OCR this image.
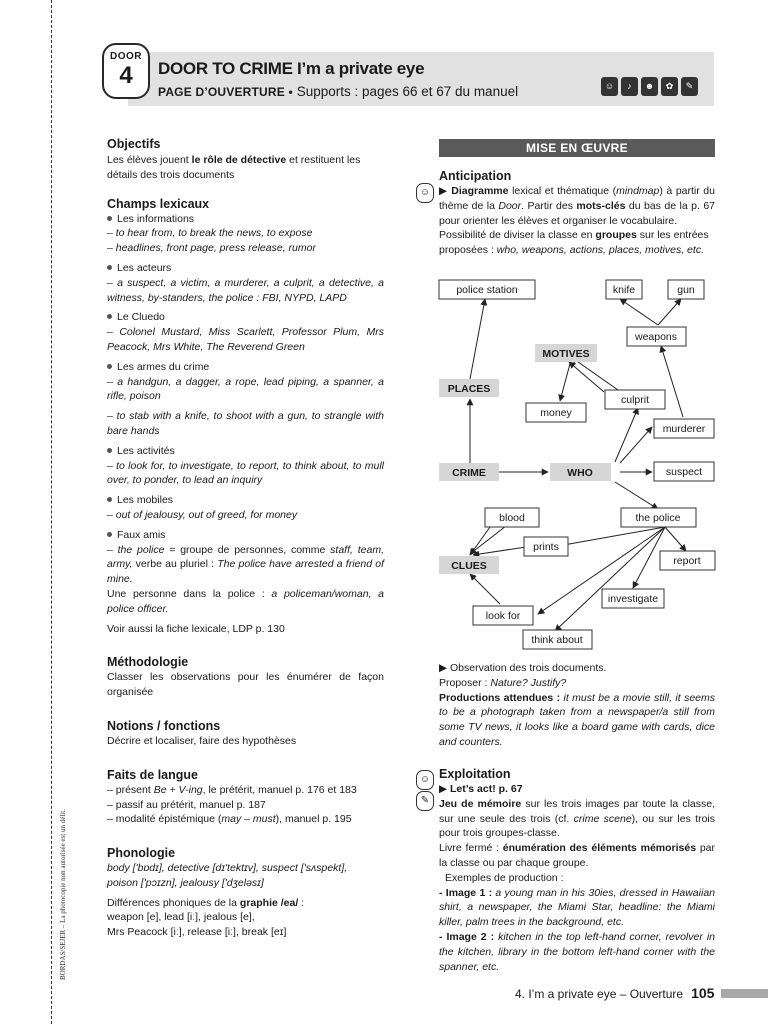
BORDAS/SEJER – La photocopie non autorisée est un délit.
DOOR
4	DOOR TO CRIME I’m a private eye
PAGE D’OUVERTURE • Supports : pages 66 et 67 du manuel	☺	♪	☻	✿	✎
Objectifs

Les élèves jouent le rôle de détective et restituent les détails des trois documents

Champs lexicaux

Les informations

– to hear from, to break the news, to expose

– headlines, front page, press release, rumor

Les acteurs

– a suspect, a victim, a murderer, a culprit, a detective, a witness, by-standers, the police : FBI, NYPD, LAPD

Le Cluedo

– Colonel Mustard, Miss Scarlett, Professor Plum, Mrs Peacock, Mrs White, The Reverend Green

Les armes du crime

– a handgun, a dagger, a rope, lead piping, a spanner, a rifle, poison

– to stab with a knife, to shoot with a gun, to strangle with bare hands

Les activités

– to look for, to investigate, to report, to think about, to mull over, to ponder, to lead an inquiry

Les mobiles

– out of jealousy, out of greed, for money

Faux amis

– the police = groupe de personnes, comme staff, team, army, verbe au pluriel : The police have arrested a friend of mine.

Une personne dans la police : a policeman/woman, a police officer.

Voir aussi la fiche lexicale, LDP p. 130

Méthodologie

Classer les observations pour les énumérer de façon organisée

Notions / fonctions

Décrire et localiser, faire des hypothèses

Faits de langue

– présent Be + V-ing, le prétérit, manuel p. 176 et 183

– passif au prétérit, manuel p. 187

– modalité épistémique (may – must), manuel p. 195

Phonologie

body ['bɒdɪ], detective [dɪ'tektɪv], suspect ['sʌspekt],

poison ['pɔɪzn], jealousy ['dʒeləsɪ]

Différences phoniques de la graphie /ea/ :

weapon [e], lead [iː], jealous [e],

Mrs Peacock [iː], release [iː], break [eɪ]

MISE EN ŒUVRE
☺
☺
✎
Anticipation

▶ Diagramme lexical et thématique (mindmap) à partir du thème de la Door. Partir des mots-clés du bas de la p. 67 pour orienter les élèves et organiser le vocabulaire.

Possibilité de diviser la classe en groupes sur les entrées proposées : who, weapons, actions, places, motives, etc.

police station	knife	gun
weapons
MOTIVES
PLACES
money
culprit
murderer
CRIME	WHO	suspect
blood	the police
prints
CLUES	report
investigate
look for
think about

▶ Observation des trois documents.

Proposer : Nature? Justify?

Productions attendues : it must be a movie still, it seems to be a photograph taken from a newspaper/a still from some TV news, it looks like a board game with cards, dice and counters.

Exploitation

▶ Let’s act! p. 67

Jeu de mémoire sur les trois images par toute la classe, sur une seule des trois (cf. crime scene), ou sur les trois pour trois groupes-classe.

Livre fermé : énumération des éléments mémorisés par la classe ou par chaque groupe.

Exemples de production :

- Image 1 : a young man in his 30ies, dressed in Hawaiian shirt, a newspaper, the Miami Star, headline: the Miami killer, palm trees in the background, etc.

- Image 2 : kitchen in the top left-hand corner, revolver in the kitchen, library in the bottom left-hand corner with the spanner, etc.

4. I’m a private eye – Ouverture 105
